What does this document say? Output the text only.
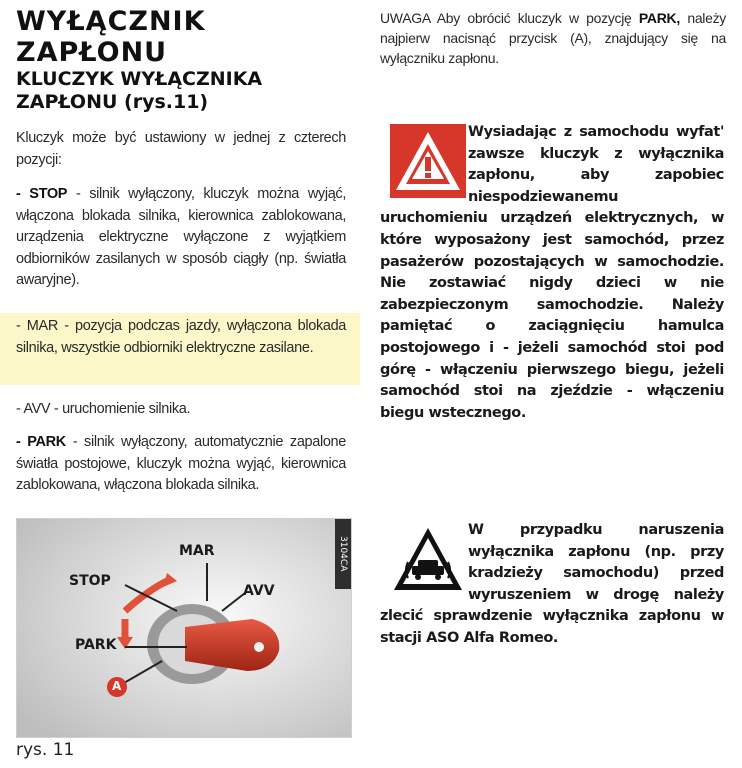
WYŁĄCZNIK ZAPŁONU
KLUCZYK WYŁĄCZNIKA ZAPŁONU (rys.11)

Kluczyk może być ustawiony w jednej z czterech pozycji:

- STOP - silnik wyłączony, kluczyk można wyjąć, włączona blokada silnika, kierownica zablokowana, urządzenia elektryczne wyłączone z wyjątkiem odbiorników zasilanych w sposób ciągły (np. światła awaryjne).

- MAR - pozycja podczas jazdy, wyłączona blokada silnika, wszystkie odbiorniki elektryczne zasilane.

- AVV - uruchomienie silnika.

- PARK - silnik wyłączony, automatycznie zapalone światła postojowe, kluczyk można wyjąć, kierownica zablokowana, włączona blokada silnika.

3104CA
MAR
STOP
AVV
PARK
A
rys. 11

UWAGA Aby obrócić kluczyk w pozycję PARK, należy najpierw nacisnąć przycisk (A), znajdujący się na wyłączniku zapłonu.

Wysiadając z samochodu wyfat' zawsze kluczyk z wyłącznika zapłonu, aby zapobiec niespodziewanemu uruchomieniu urządzeń elektrycznych, w które wyposażony jest samochód, przez pasażerów pozostających w samochodzie. Nie zostawiać nigdy dzieci w nie zabezpieczonym samochodzie. Należy pamiętać o zaciągnięciu hamulca postojowego i - jeżeli samochód stoi pod górę - włączeniu pierwszego biegu, jeżeli samochód stoi na zjeździe - włączeniu biegu wstecznego.

W przypadku naruszenia wyłącznika zapłonu (np. przy kradzieży samochodu) przed wyruszeniem w drogę należy zlecić sprawdzenie wyłącznika zapłonu w stacji ASO Alfa Romeo.
